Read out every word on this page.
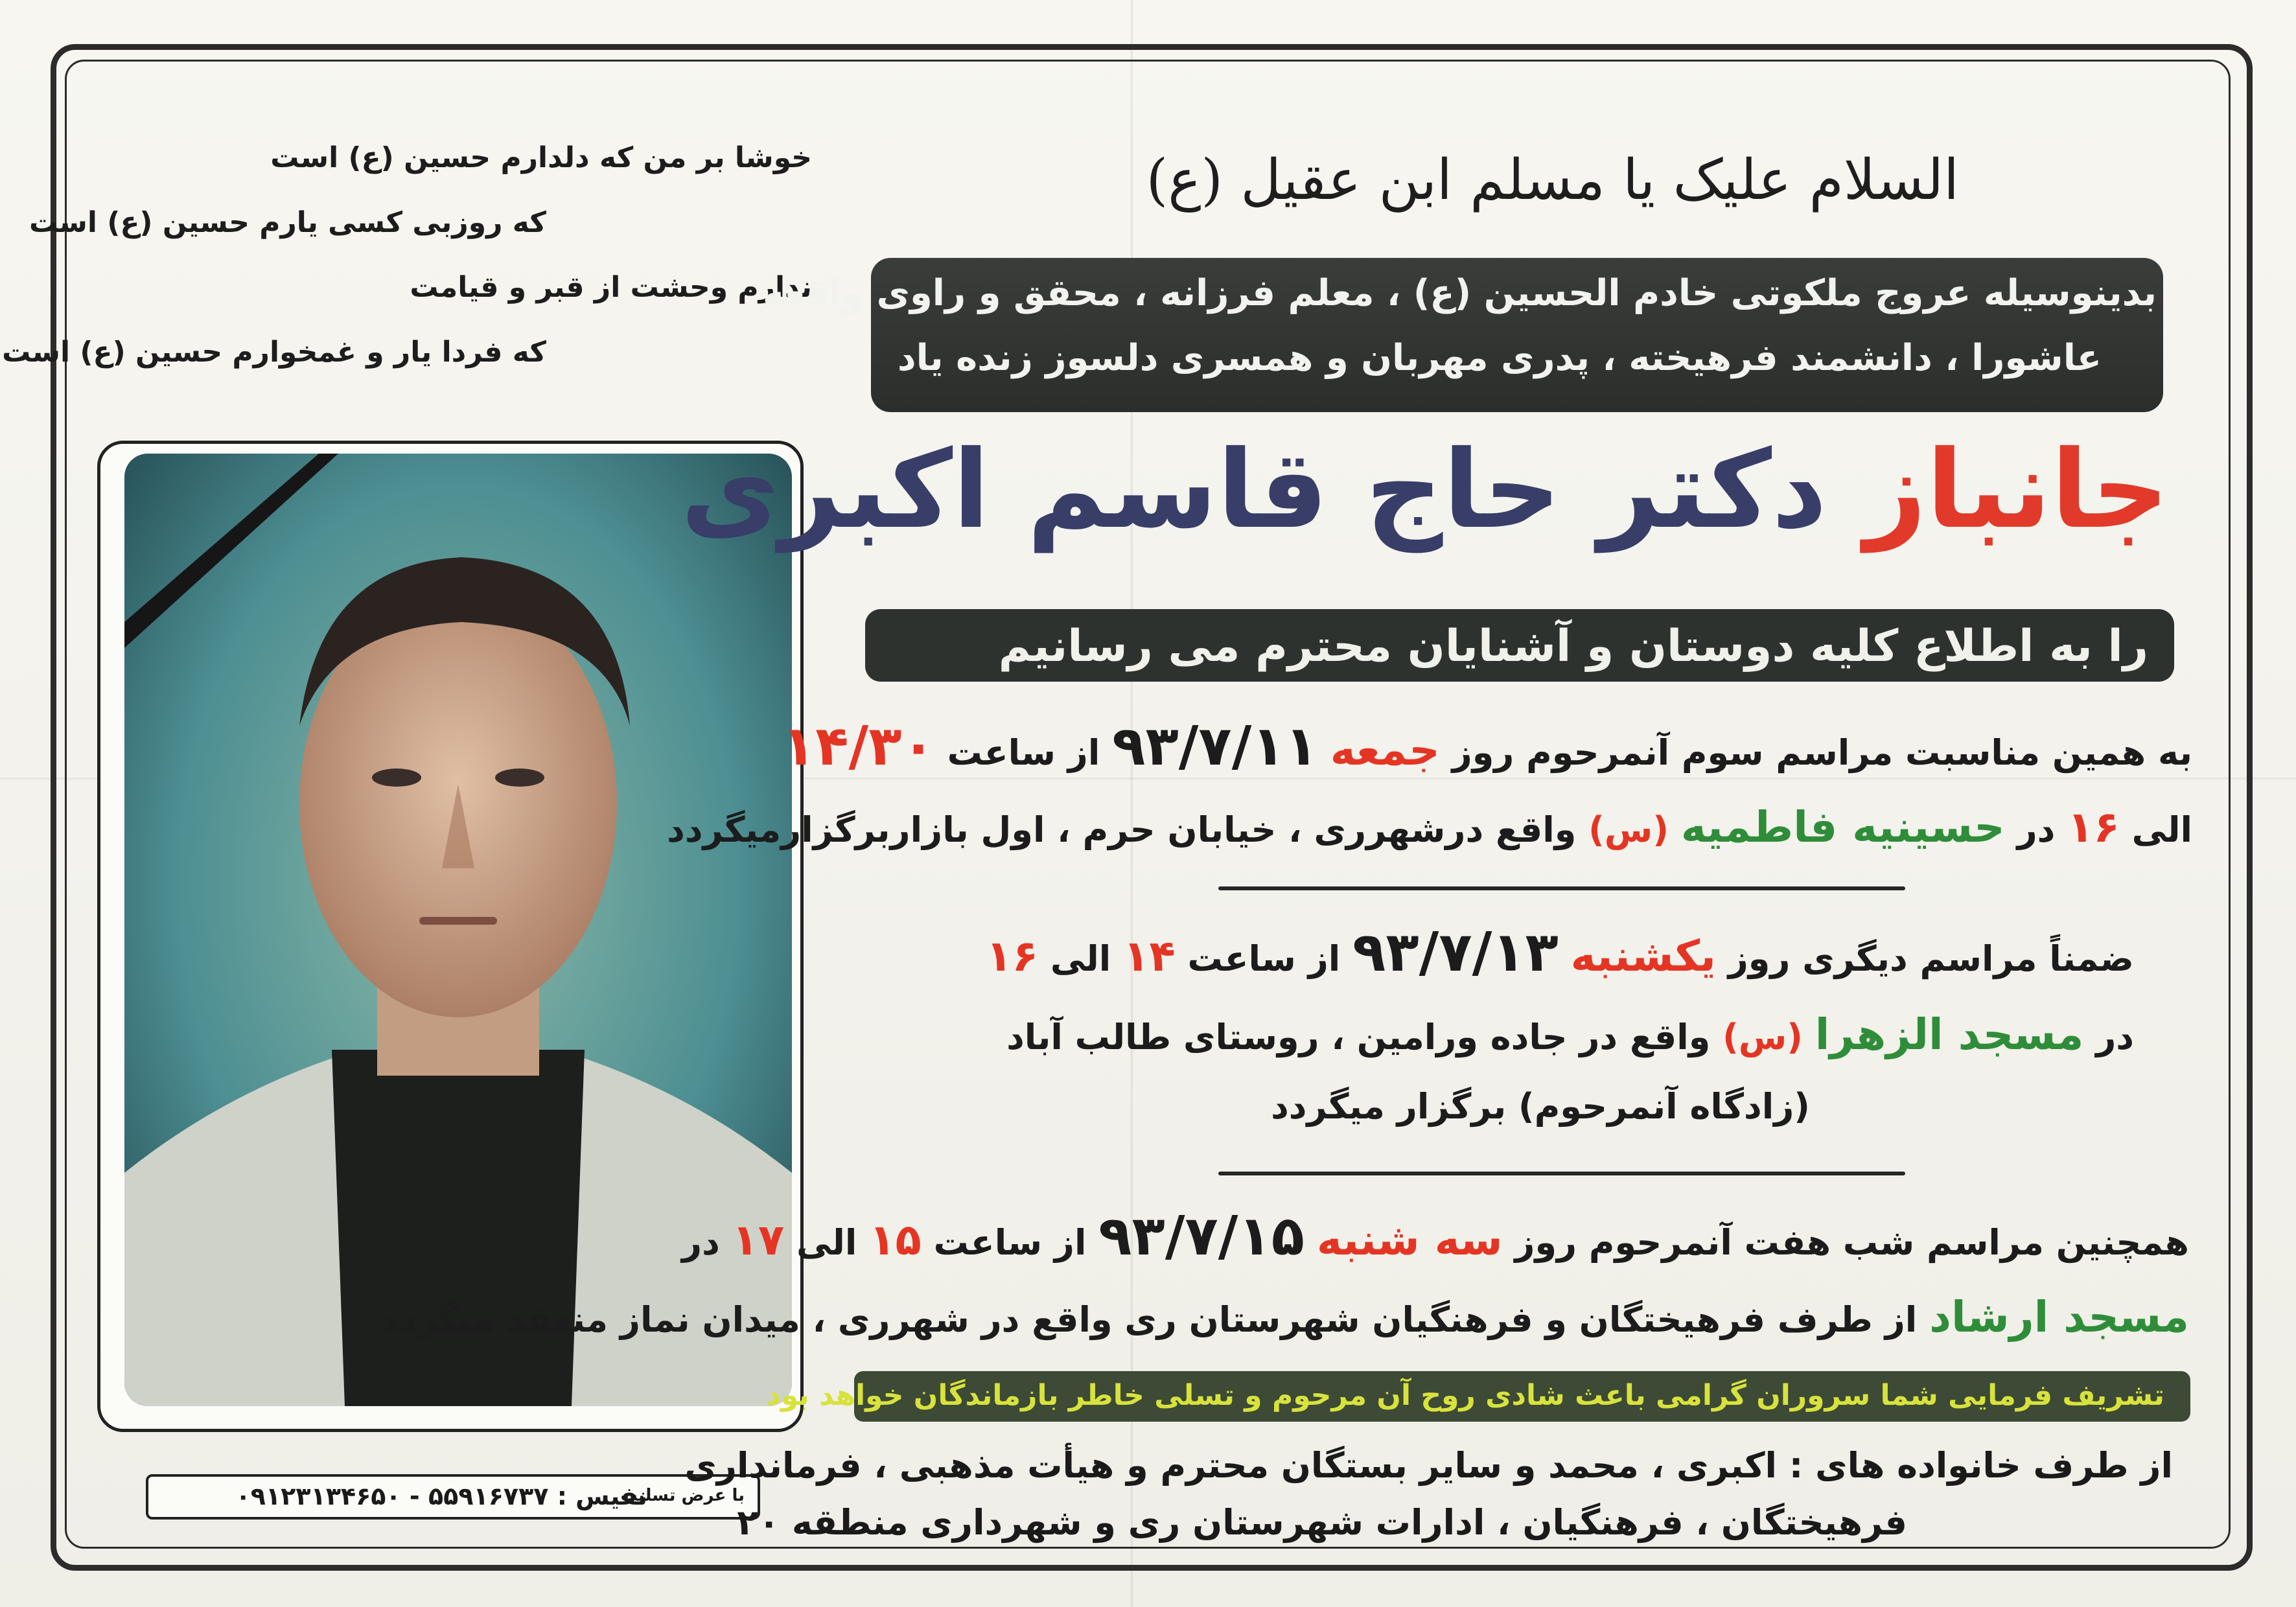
خوشا بر من که دلدارم حسین (ع) است
که روزبی کسی یارم حسین (ع) است
ندارم وحشت از قبر و قیامت
که فردا یار و غمخوارم حسین (ع) است
با عرض تسلیت
نفیس : ۵۵۹۱۶۷۳۷ - ۰۹۱۲۳۱۳۴۶۵۰
السلام علیک یا مسلم ابن عقیل (ع)
بدینوسیله عروج ملکوتی خادم الحسین (ع) ، معلم فرزانه ، محقق و راوی واقعه
عاشورا ، دانشمند فرهیخته ، پدری مهربان و همسری دلسوز زنده یاد
جانباز دکتر حاج قاسم اکبری
را به اطلاع کلیه دوستان و آشنایان محترم می رسانیم
به همین مناسبت مراسم سوم آنمرحوم روز جمعه ۹۳/۷/۱۱ از ساعت ۱۴/۳۰
الی ۱۶ در حسینیه فاطمیه (س) واقع درشهرری ، خیابان حرم ، اول بازاربرگزارمیگردد
ضمناً مراسم دیگری روز یکشنبه ۹۳/۷/۱۳ از ساعت ۱۴ الی ۱۶
در مسجد الزهرا (س) واقع در جاده ورامین ، روستای طالب آباد
(زادگاه آنمرحوم) برگزار میگردد
همچنین مراسم شب هفت آنمرحوم روز سه شنبه ۹۳/۷/۱۵ از ساعت ۱۵ الی ۱۷ در
مسجد ارشاد از طرف فرهیختگان و فرهنگیان شهرستان ری واقع در شهرری ، میدان نماز منعقد میگردد
تشریف فرمایی شما سروران گرامی باعث شادی روح آن مرحوم و تسلی خاطر بازماندگان خواهد بود
از طرف خانواده های : اکبری ، محمد و سایر بستگان محترم و هیأت مذهبی ، فرمانداری
فرهیختگان ، فرهنگیان ، ادارات شهرستان ری و شهرداری منطقه ۲۰
